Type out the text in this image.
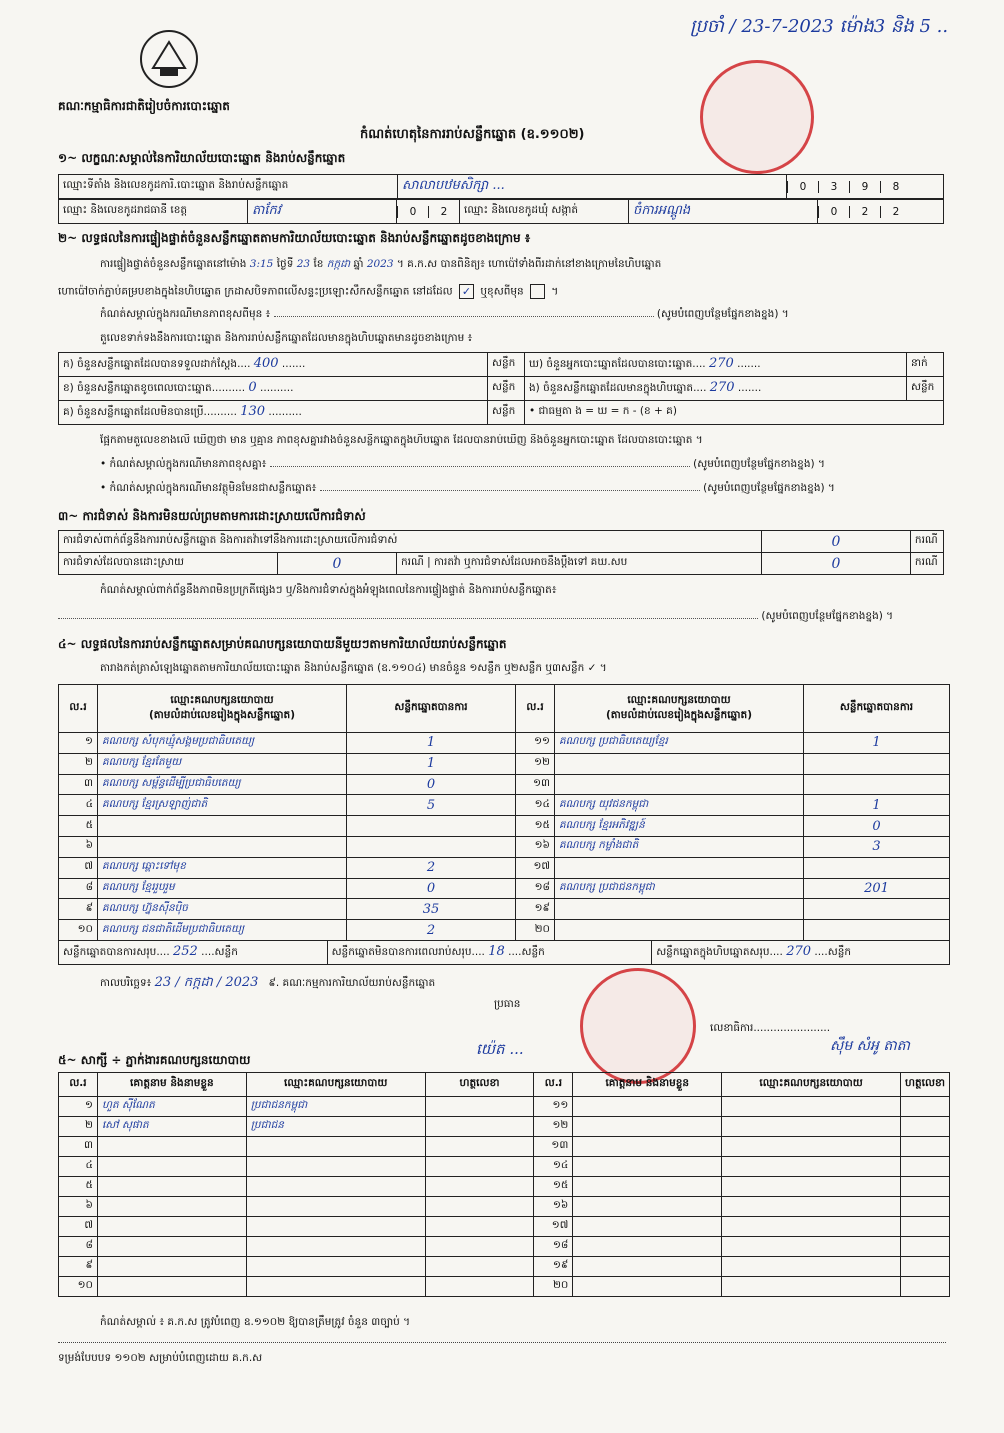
ប្រចាំ / 23-7-2023 ម៉ោង3 និង 5 ..
គណៈកម្មាធិការជាតិរៀបចំការបោះឆ្នោត
កំណត់ហេតុនៃការរាប់សន្លឹកឆ្នោត (ឧ.១១០២)
១~ លក្ខណៈសម្គាល់នៃការិយាល័យបោះឆ្នោត និងរាប់សន្លឹកឆ្នោត
ឈ្មោះទីតាំង និងលេខកូដការិ.បោះឆ្នោត និងរាប់សន្លឹកឆ្នោត	សាលាបឋមសិក្សា ...	0 3 9 8
ឈ្មោះ និងលេខកូដរាជធានី ខេត្ត	តាកែវ	0 2	ឈ្មោះ និងលេខកូដឃុំ សង្កាត់	ចំការអណ្ដូង	0 2 2
២~ លទ្ធផលនៃការផ្ទៀងផ្ទាត់ចំនួនសន្លឹកឆ្នោតតាមការិយាល័យបោះឆ្នោត និងរាប់សន្លឹកឆ្នោតដូចខាងក្រោម ៖
ការផ្ទៀងផ្ទាត់ចំនួនសន្លឹកឆ្នោតនៅម៉ោង 3:15 ថ្ងៃទី 23 ខែ កក្កដា ឆ្នាំ 2023 ។ គ.ក.ស បានពិនិត្យ៖ ហោប៉ៅទាំងពីរដាក់នៅខាងក្រោមនៃហិបឆ្នោត
ហោប៉ៅចាក់ភ្ជាប់គម្របខាងក្នុងនៃហិបឆ្នោត ក្រដាសបិទភាពលើសន្ទះប្រឡោះសឹកសន្លឹកឆ្នោត នៅដដែល ✓ ឬខុសពីមុន  ។
កំណត់សម្គាល់ក្នុងករណីមានភាពខុសពីមុន ៖	(សូមបំពេញបន្ថែមផ្នែកខាងខ្នង) ។
តួលេខទាក់ទងនឹងការបោះឆ្នោត និងការរាប់សន្លឹកឆ្នោតដែលមានក្នុងហិបឆ្នោតមានដូចខាងក្រោម ៖
ក) ចំនួនសន្លឹកឆ្នោតដែលបានទទួលដាក់ស្ដែង.... 400 .......	សន្លឹក	ឃ) ចំនួនអ្នកបោះឆ្នោតដែលបានបោះឆ្នោត.... 270 .......	នាក់
ខ) ចំនួនសន្លឹកឆ្នោតខូចពេលបោះឆ្នោត.......... 0 ..........	សន្លឹក	ង) ចំនួនសន្លឹកឆ្នោតដែលមានក្នុងហិបឆ្នោត.... 270 .......	សន្លឹក
គ) ចំនួនសន្លឹកឆ្នោតដែលមិនបានប្រើ.......... 130 ..........	សន្លឹក	• ជាធម្មតា ង = ឃ = ក - (ខ + គ)	
ផ្អែកតាមតួលេខខាងលើ ឃើញថា មាន ឬគ្មាន ភាពខុសគ្នារវាងចំនួនសន្លឹកឆ្នោតក្នុងហិបឆ្នោត ដែលបានរាប់ឃើញ និងចំនួនអ្នកបោះឆ្នោត ដែលបានបោះឆ្នោត ។
• កំណត់សម្គាល់ក្នុងករណីមានភាពខុសគ្នា៖	(សូមបំពេញបន្ថែមផ្នែកខាងខ្នង) ។
• កំណត់សម្គាល់ក្នុងករណីមានវត្ថុមិនមែនជាសន្លឹកឆ្នោត៖	(សូមបំពេញបន្ថែមផ្នែកខាងខ្នង) ។
៣~ ការជំទាស់ និងការមិនយល់ព្រមតាមការដោះស្រាយលើការជំទាស់
ការជំទាស់ពាក់ព័ន្ធនឹងការរាប់សន្លឹកឆ្នោត និងការតវ៉ាទៅនឹងការដោះស្រាយលើការជំទាស់			0	ករណី
ការជំទាស់ដែលបានដោះស្រាយ	0	ករណី | ការតវ៉ា ឬការជំទាស់ដែលអាចនឹងប្ដឹងទៅ គឃ.សប	0	ករណី
កំណត់សម្គាល់ពាក់ព័ន្ធនឹងភាពមិនប្រក្រតីផ្សេងៗ ឬ/និងការជំទាស់ក្នុងអំឡុងពេលនៃការផ្ទៀងផ្ទាត់ និងការរាប់សន្លឹកឆ្នោត៖
(សូមបំពេញបន្ថែមផ្នែកខាងខ្នង) ។
៤~ លទ្ធផលនៃការរាប់សន្លឹកឆ្នោតសម្រាប់គណបក្សនយោបាយនីមួយៗតាមការិយាល័យរាប់សន្លឹកឆ្នោត
តារាងកត់ត្រាសំឡេងឆ្នោតតាមការិយាល័យបោះឆ្នោត និងរាប់សន្លឹកឆ្នោត (ឧ.១១០៤) មានចំនួន ១សន្លឹក ឬ២សន្លឹក ឬ៣សន្លឹក ✓ ។
ល.រ	ឈ្មោះគណបក្សនយោបាយ
(តាមលំដាប់លេខរៀងក្នុងសន្លឹកឆ្នោត)	សន្លឹកឆ្នោតបានការ	ល.រ	ឈ្មោះគណបក្សនយោបាយ
(តាមលំដាប់លេខរៀងក្នុងសន្លឹកឆ្នោត)	សន្លឹកឆ្នោតបានការ
១	គណបក្ស សំបុកឃ្មុំសង្គមប្រជាធិបតេយ្យ	1	១១	គណបក្ស ប្រជាធិបតេយ្យខ្មែរ	1
២	គណបក្ស ខ្មែរតែមួយ	1	១២		
៣	គណបក្ស សម្ព័ន្ធដើម្បីប្រជាធិបតេយ្យ	0	១៣		
៤	គណបក្ស ខ្មែរស្រឡាញ់ជាតិ	5	១៤	គណបក្ស យុវជនកម្ពុជា	1
៥			១៥	គណបក្ស ខ្មែរអភិវឌ្ឍន៍	0
៦			១៦	គណបក្ស កម្លាំងជាតិ	3
៧	គណបក្ស ឆ្ពោះទៅមុខ	2	១៧		
៨	គណបក្ស ខ្មែររួបរួម	0	១៨	គណបក្ស ប្រជាជនកម្ពុជា	201
៩	គណបក្ស ហ្វ៊ុនស៊ីនប៉ិច	35	១៩		
១០	គណបក្ស ជនជាតិដើមប្រជាធិបតេយ្យ	2	២០		
សន្លឹកឆ្នោតបានការសរុប.... 252 ....សន្លឹក	សន្លឹកឆ្នោតមិនបានការពេលរាប់សរុប.... 18 ....សន្លឹក	សន្លឹកឆ្នោតក្នុងហិបឆ្នោតសរុប.... 270 ....សន្លឹក
កាលបរិច្ឆេទ៖ 23 / កក្កដា / 2023 ៩. គណៈកម្មការការិយាល័យរាប់សន្លឹកឆ្នោត
ប្រធាន
យ៉េត ...
លេខាធិការ.......................
ស៊ឹម សំអូ តាតា
៥~ សាក្សី ÷ ភ្នាក់ងារគណបក្សនយោបាយ
ល.រ	គោត្តនាម និងនាមខ្លួន	ឈ្មោះគណបក្សនយោបាយ	ហត្ថលេខា	ល.រ	គោត្តនាម និងនាមខ្លួន	ឈ្មោះគណបក្សនយោបាយ	ហត្ថលេខា
១	ហួត ស៊ីណែត	ប្រជាជនកម្ពុជា		១១			
២	សៅ សុផាត	ប្រជាជន		១២			
៣				១៣			
៤				១៤			
៥				១៥			
៦				១៦			
៧				១៧			
៨				១៨			
៩				១៩			
១០				២០			
កំណត់សម្គាល់ ៖ គ.ក.ស ត្រូវបំពេញ ឧ.១១០២ ឱ្យបានត្រឹមត្រូវ ចំនួន ៣ច្បាប់ ។
ទម្រង់បែបបទ ១១០២ សម្រាប់បំពេញដោយ គ.ក.ស
